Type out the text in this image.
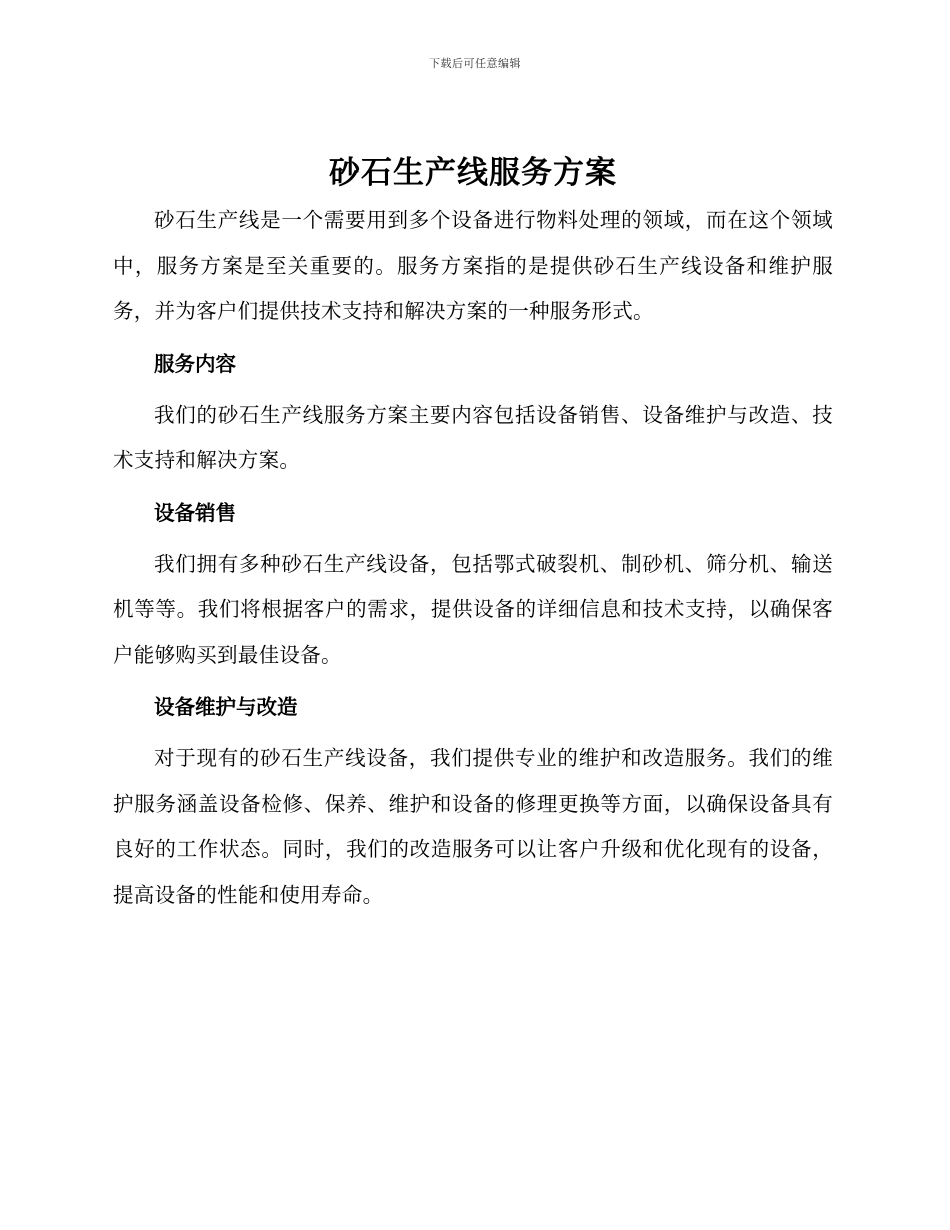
下载后可任意编辑
砂石生产线服务方案

砂石生产线是一个需要用到多个设备进行物料处理的领域，而在这个领域中，服务方案是至关重要的。服务方案指的是提供砂石生产线设备和维护服务，并为客户们提供技术支持和解决方案的一种服务形式。

服务内容

我们的砂石生产线服务方案主要内容包括设备销售、设备维护与改造、技术支持和解决方案。

设备销售

我们拥有多种砂石生产线设备，包括鄂式破裂机、制砂机、筛分机、输送机等等。我们将根据客户的需求，提供设备的详细信息和技术支持，以确保客户能够购买到最佳设备。

设备维护与改造

对于现有的砂石生产线设备，我们提供专业的维护和改造服务。我们的维护服务涵盖设备检修、保养、维护和设备的修理更换等方面，以确保设备具有良好的工作状态。同时，我们的改造服务可以让客户升级和优化现有的设备，提高设备的性能和使用寿命。
